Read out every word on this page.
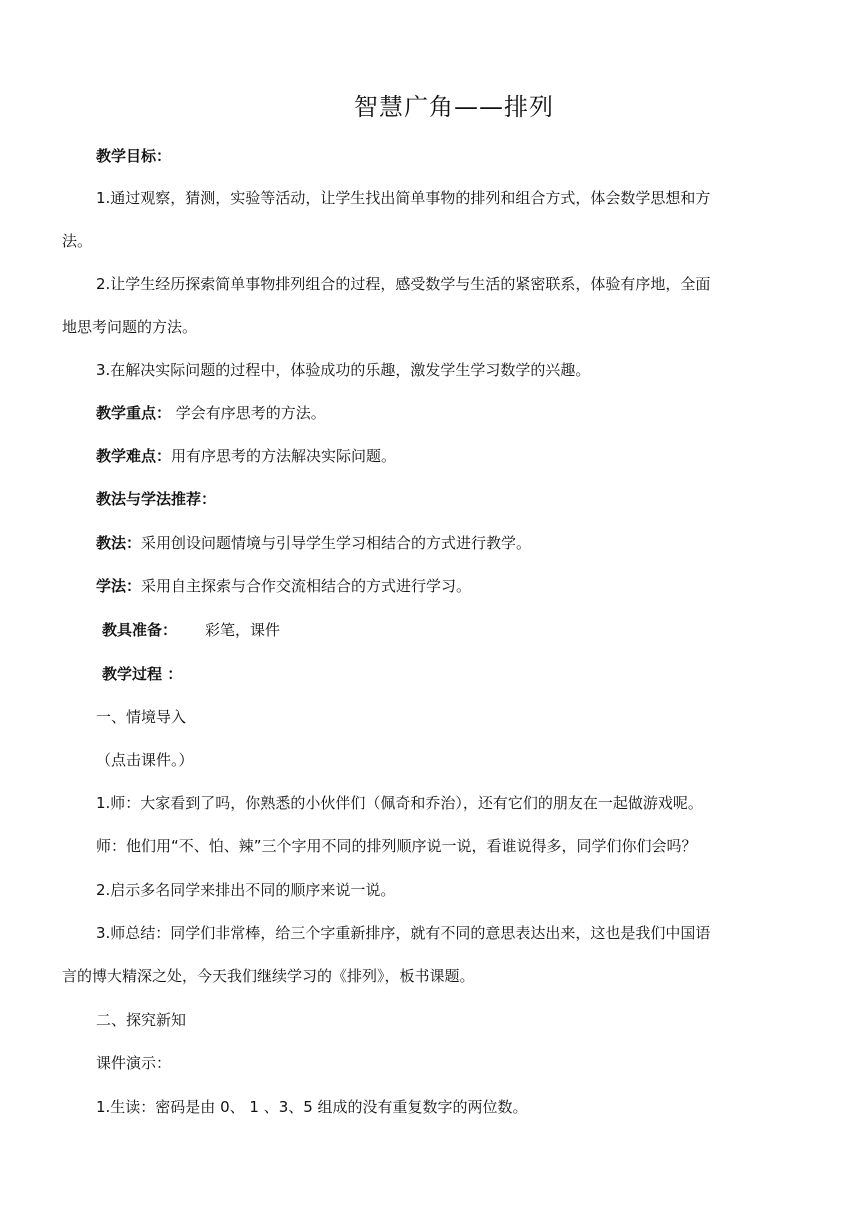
智慧广角——排列
教学目标：
1.通过观察，猜测，实验等活动，让学生找出简单事物的排列和组合方式，体会数学思想和方
法。
2.让学生经历探索简单事物排列组合的过程，感受数学与生活的紧密联系，体验有序地，全面
地思考问题的方法。
3.在解决实际问题的过程中，体验成功的乐趣，激发学生学习数学的兴趣。
教学重点： 学会有序思考的方法。
教学难点：用有序思考的方法解决实际问题。
教法与学法推荐：
教法：采用创设问题情境与引导学生学习相结合的方式进行教学。
学法：采用自主探索与合作交流相结合的方式进行学习。
教具准备： 彩笔，课件
教学过程 ：
一、情境导入
（点击课件。）
1.师：大家看到了吗，你熟悉的小伙伴们（佩奇和乔治），还有它们的朋友在一起做游戏呢。
师：他们用“不、怕、辣”三个字用不同的排列顺序说一说，看谁说得多，同学们你们会吗？
2.启示多名同学来排出不同的顺序来说一说。
3.师总结：同学们非常棒，给三个字重新排序，就有不同的意思表达出来，这也是我们中国语
言的博大精深之处，今天我们继续学习的《排列》，板书课题。
二、探究新知
课件演示：
1.生读：密码是由 0、 1 、3、5 组成的没有重复数字的两位数。
